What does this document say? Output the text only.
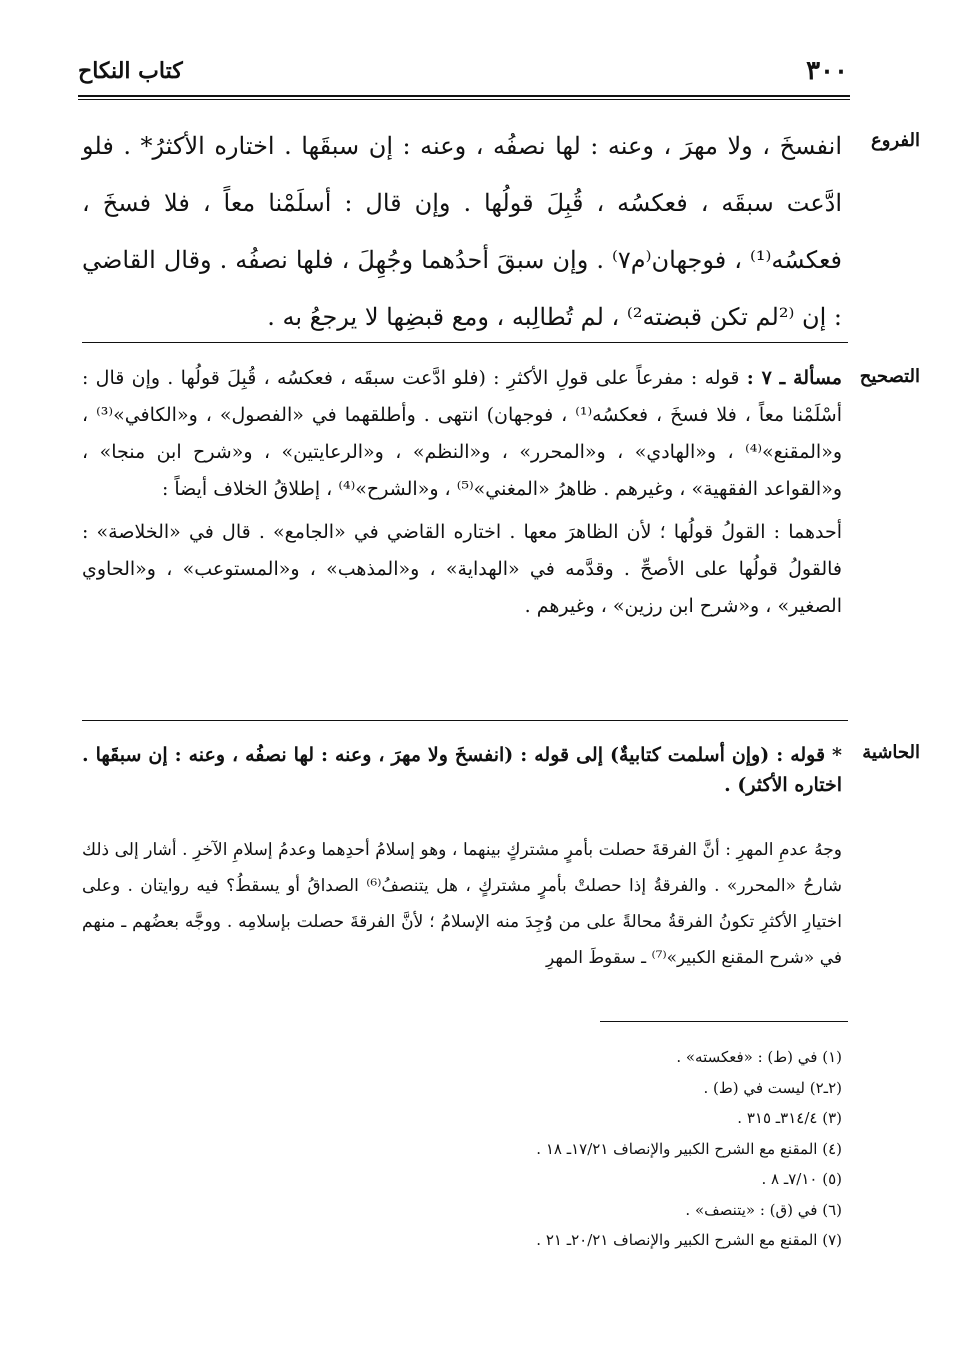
٣٠٠
كتاب النكاح
الفروع

انفسخَ ، ولا مهرَ ، وعنه : لها نصفُه ، وعنه : إن سبقَها . اختاره الأكثرُ* . فلو ادَّعت سبقَه ، فعكسُه ، قُبِلَ قولُها . وإن قال : أسلَمْنا معاً ، فلا فسخَ ، فعكسُه⁽¹⁾ ، فوجهان⁽م٧⁾ . وإن سبقَ أحدُهما وجُهِلَ ، فلها نصفُه . وقال القاضي : إن ⁽²لم تكن قبضته²⁾ ، لم تُطالِبه ، ومع قبضِها لا يرجعُ به .

التصحيح

مسألة ـ ٧ : قوله : مفرعاً على قولِ الأكثرِ : (فلو ادَّعت سبقَه ، فعكسُه ، قُبِلَ قولُها . وإن قال : أسْلَمْنا معاً ، فلا فسخَ ، فعكسُه⁽¹⁾ ، فوجهان) انتهى . وأطلقهما في «الفصول» ، و«الكافي»⁽³⁾ ، و«المقنع»⁽⁴⁾ ، و«الهادي» ، و«المحرر» ، و«النظم» ، و«الرعايتين» ، و«شرح ابن منجا» ، و«القواعد الفقهية» ، وغيرهم . ظاهرُ «المغني»⁽⁵⁾ ، و«الشرح»⁽⁴⁾ ، إطلاقُ الخلاف أيضاً :

أحدهما : القولُ قولُها ؛ لأن الظاهرَ معها . اختاره القاضي في «الجامع» . قال في «الخلاصة» : فالقولُ قولُها على الأصحِّ . وقدَّمه في «الهداية» ، و«المذهب» ، و«المستوعب» ، و«الحاوي الصغير» ، و«شرح ابن رزين» ، وغيرهم .

الحاشية

* قوله : (وإن أسلمت كتابيةٌ) إلى قوله : (انفسخَ ولا مهرَ ، وعنه : لها نصفُه ، وعنه : إن سبقَها . اختاره الأكثر) .

وجهُ عدمِ المهرِ : أنَّ الفرقةَ حصلت بأمرٍ مشتركٍ بينهما ، وهو إسلامُ أحدِهما وعدمُ إسلامِ الآخرِ . أشار إلى ذلك شارحُ «المحرر» . والفرقةُ إذا حصلتْ بأمرٍ مشتركٍ ، هل يتنصفُ⁽⁶⁾ الصداقُ أو يسقطُ؟ فيه روايتان . وعلى اختيارِ الأكثرِ تكونُ الفرقةُ محالةً على من وُجِدَ منه الإسلامُ ؛ لأنَّ الفرقةَ حصلت بإسلامِه . ووجَّه بعضُهم ـ منهم في «شرح المقنع الكبير»⁽⁷⁾ ـ سقوطَ المهرِ

(١) في (ط) : «فعكسته» .
(٢ـ٢) ليست في (ط) .
(٣) ٣١٤/٤ـ ٣١٥ .
(٤) المقنع مع الشرح الكبير والإنصاف ١٧/٢١ـ ١٨ .
(٥) ٧/١٠ـ ٨ .
(٦) في (ق) : «يتنصف» .
(٧) المقنع مع الشرح الكبير والإنصاف ٢٠/٢١ـ ٢١ .
